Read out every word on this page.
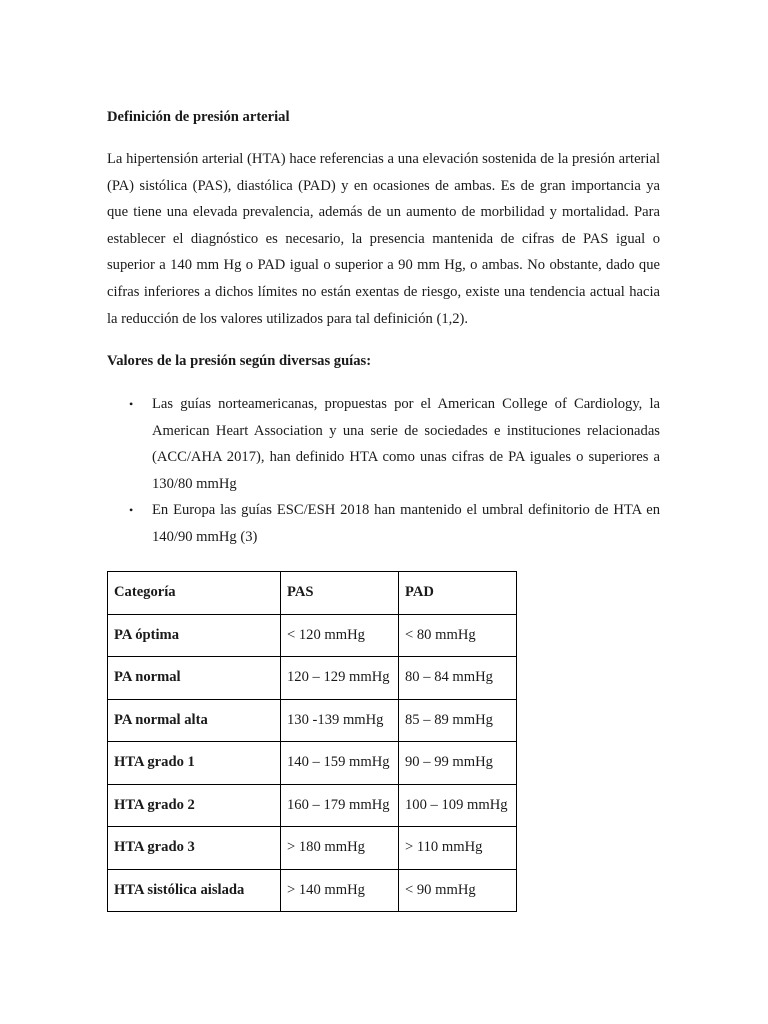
Definición de presión arterial

La hipertensión arterial (HTA) hace referencias a una elevación sostenida de la presión arterial (PA) sistólica (PAS), diastólica (PAD) y en ocasiones de ambas. Es de gran importancia ya que tiene una elevada prevalencia, además de un aumento de morbilidad y mortalidad. Para establecer el diagnóstico es necesario, la presencia mantenida de cifras de PAS igual o superior a 140 mm Hg o PAD igual o superior a 90 mm Hg, o ambas. No obstante, dado que cifras inferiores a dichos límites no están exentas de riesgo, existe una tendencia actual hacia la reducción de los valores utilizados para tal definición (1,2).

Valores de la presión según diversas guías:
• Las guías norteamericanas, propuestas por el American College of Cardiology, la American Heart Association y una serie de sociedades e instituciones relacionadas (ACC/AHA 2017), han definido HTA como unas cifras de PA iguales o superiores a 130/80 mmHg
• En Europa las guías ESC/ESH 2018 han mantenido el umbral definitorio de HTA en 140/90 mmHg (3)
Categoría	PAS	PAD
PA óptima	< 120 mmHg	< 80 mmHg
PA normal	120 – 129 mmHg	80 – 84 mmHg
PA normal alta	130 -139 mmHg	85 – 89 mmHg
HTA grado 1	140 – 159 mmHg	90 – 99 mmHg
HTA grado 2	160 – 179 mmHg	100 – 109 mmHg
HTA grado 3	> 180 mmHg	> 110 mmHg
HTA sistólica aislada	> 140 mmHg	< 90 mmHg
